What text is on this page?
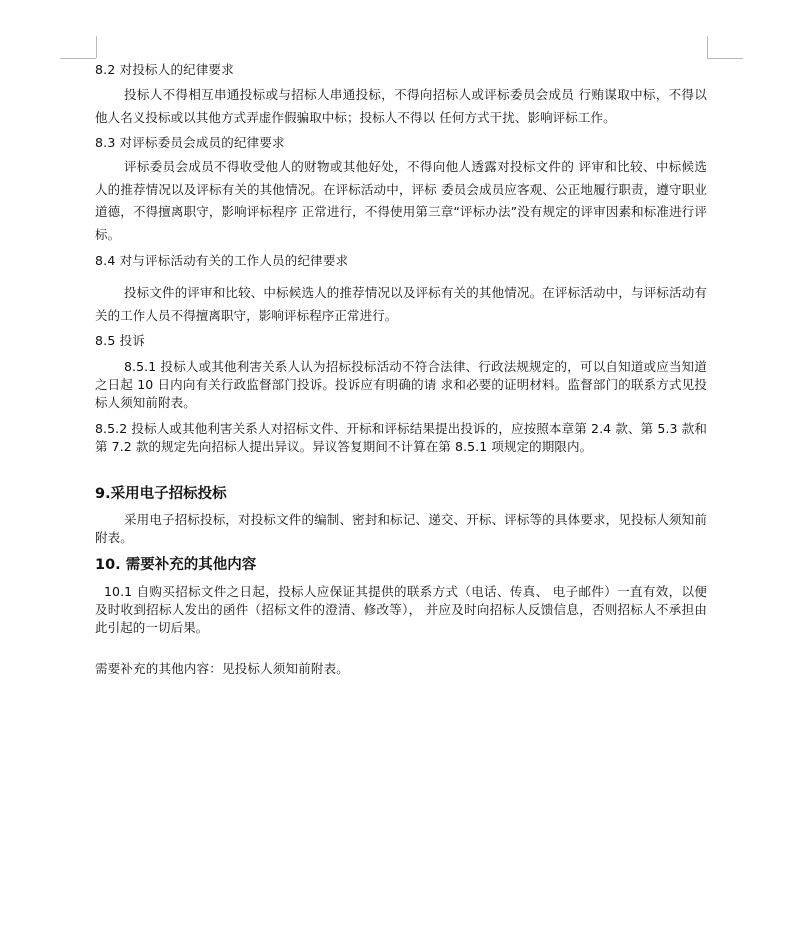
8.2 对投标人的纪律要求
投标人不得相互串通投标或与招标人串通投标，不得向招标人或评标委员会成员 行贿谋取中标，不得以他人名义投标或以其他方式弄虚作假骗取中标；投标人不得以 任何方式干扰、影响评标工作。
8.3 对评标委员会成员的纪律要求
评标委员会成员不得收受他人的财物或其他好处，不得向他人透露对投标文件的 评审和比较、中标候选人的推荐情况以及评标有关的其他情况。在评标活动中，评标 委员会成员应客观、公正地履行职责，遵守职业道德，不得擅离职守，影响评标程序 正常进行，不得使用第三章“评标办法”没有规定的评审因素和标准进行评标。
8.4 对与评标活动有关的工作人员的纪律要求
投标文件的评审和比较、中标候选人的推荐情况以及评标有关的其他情况。在评标活动中，与评标活动有关的工作人员不得擅离职守，影响评标程序正常进行。
8.5 投诉
8.5.1 投标人或其他利害关系人认为招标投标活动不符合法律、行政法规规定的，可以自知道或应当知道之日起 10 日内向有关行政监督部门投诉。投诉应有明确的请 求和必要的证明材料。监督部门的联系方式见投标人须知前附表。
8.5.2 投标人或其他利害关系人对招标文件、开标和评标结果提出投诉的，应按照本章第 2.4 款、第 5.3 款和第 7.2 款的规定先向招标人提出异议。异议答复期间不计算在第 8.5.1 项规定的期限内。
9.采用电子招标投标
采用电子招标投标，对投标文件的编制、密封和标记、递交、开标、评标等的具体要求，见投标人须知前附表。
10. 需要补充的其他内容
10.1 自购买招标文件之日起，投标人应保证其提供的联系方式（电话、传真、 电子邮件）一直有效，以便及时收到招标人发出的函件（招标文件的澄清、修改等）， 并应及时向招标人反馈信息，否则招标人不承担由此引起的一切后果。
需要补充的其他内容：见投标人须知前附表。
